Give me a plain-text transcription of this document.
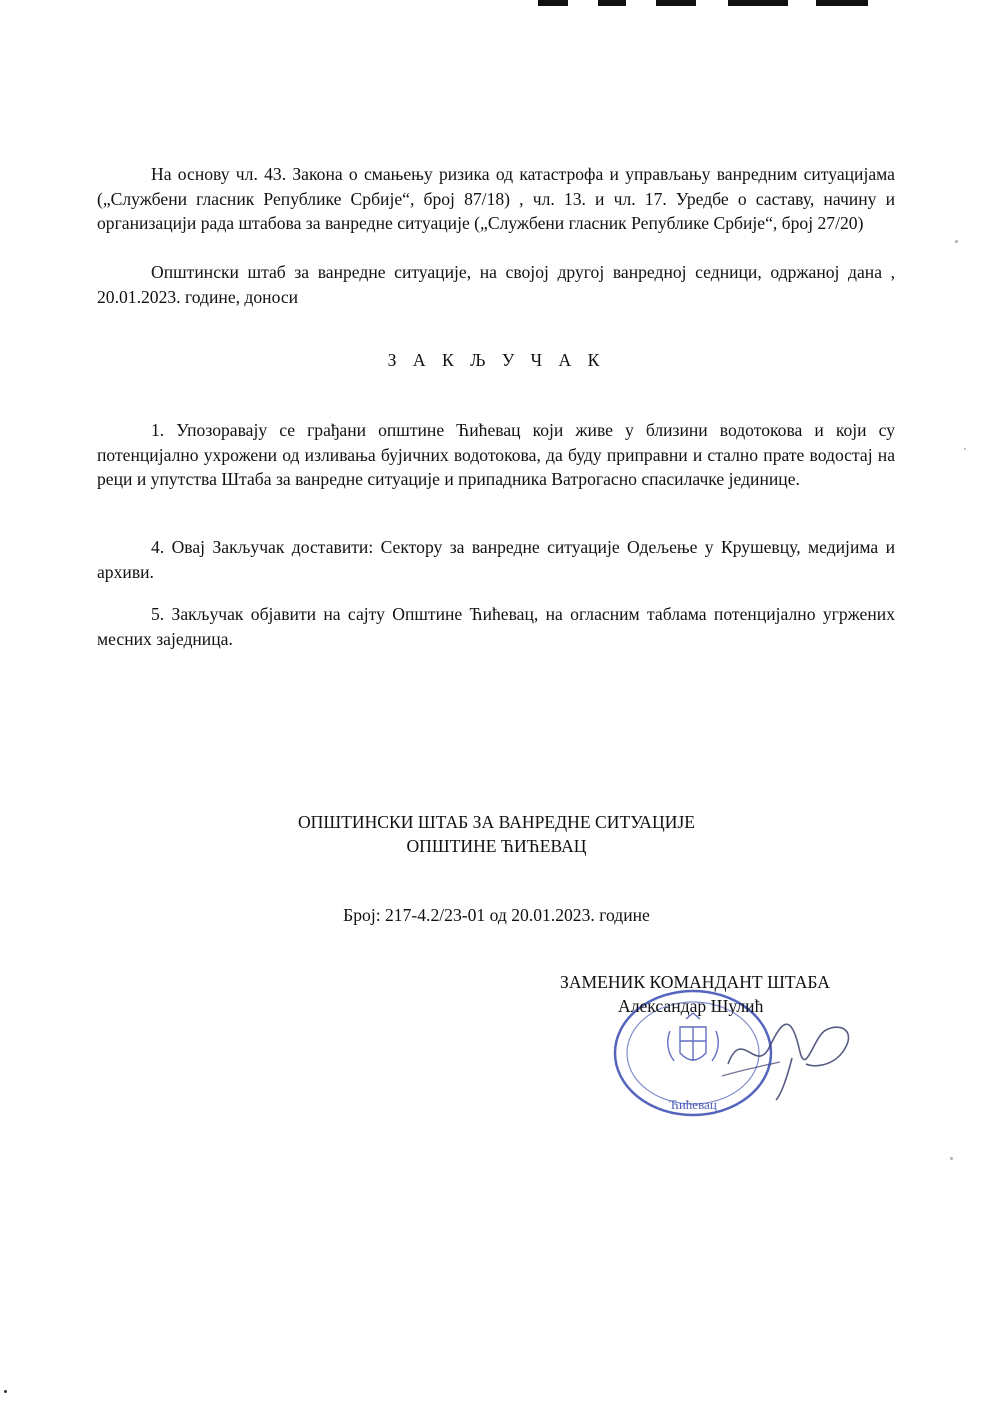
На основу чл. 43. Закона о смањењу ризика од катастрофа и управљању ванредним ситуацијама („Службени гласник Републике Србије“, број 87/18) , чл. 13. и чл. 17. Уредбе о саставу, начину и организацији рада штабова за ванредне ситуације („Службени гласник Републике Србије“, број 27/20)

Општински штаб за ванредне ситуације, на својој другој ванредној седници, одржаној дана , 20.01.2023. године, доноси

З А К Љ У Ч А К

1. Упозоравају се грађани општине Ћићевац који живе у близини водотокова и који су потенцијално ухрожени од изливања бујичних водотокова, да буду приправни и стално прате водостај на реци и упутства Штаба за ванредне ситуације и припадника Ватрогасно спасилачке јединице.

4. Овај Закључак доставити: Сектору за ванредне ситуације Одељење у Крушевцу, медијима и архиви.

5. Закључак објавити на сајту Општине Ћићевац, на огласним таблама потенцијално угржених месних заједница.

ОПШТИНСКИ ШТАБ ЗА ВАНРЕДНЕ СИТУАЦИЈЕ

ОПШТИНЕ ЋИЋЕВАЦ

Број: 217-4.2/23-01 од 20.01.2023. године

Ћићевац

ЗАМЕНИК КОМАНДАНТ ШТАБА

Александар Шулић
